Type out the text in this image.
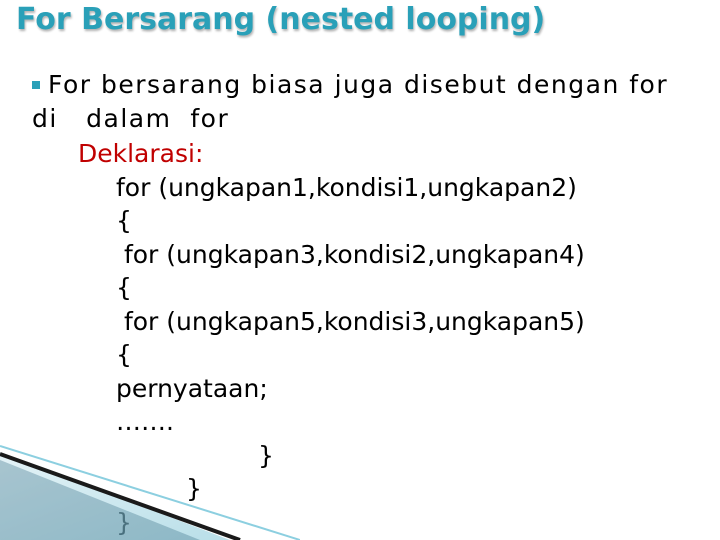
For Bersarang (nested looping)
For bersarang biasa juga disebut dengan for
di   dalam  for
Deklarasi:
for (ungkapan1,kondisi1,ungkapan2)
{
for (ungkapan3,kondisi2,ungkapan4)
{
for (ungkapan5,kondisi3,ungkapan5)
{
pernyataan;
…….
}
}
